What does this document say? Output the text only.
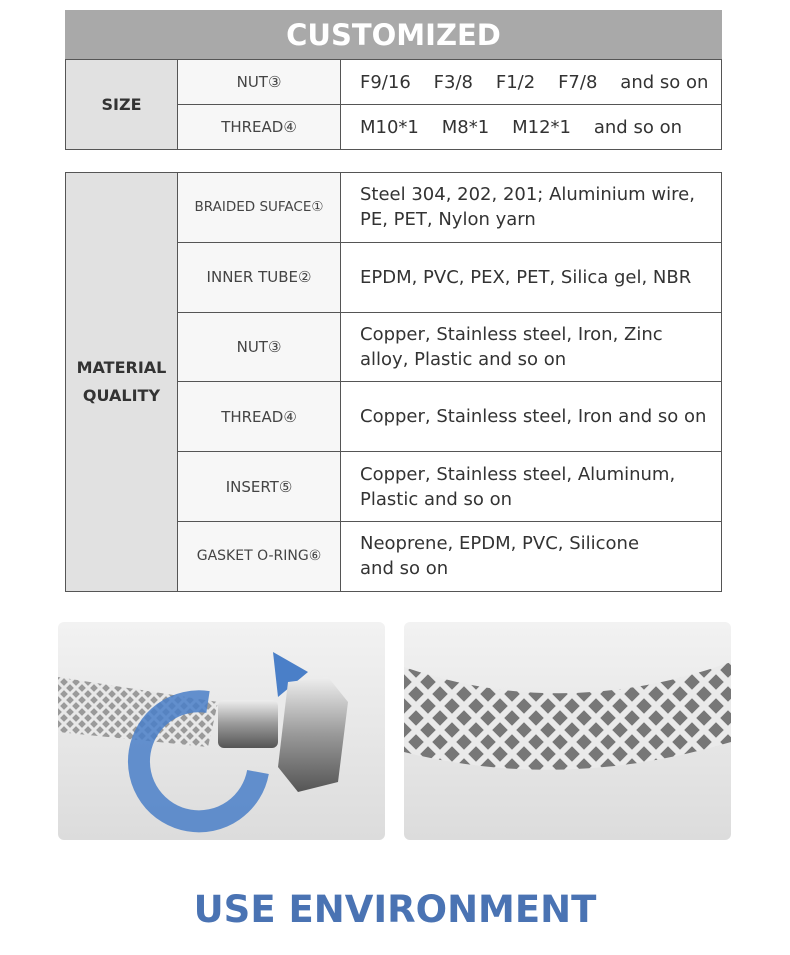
CUSTOMIZED
SIZE	NUT③	F9/16    F3/8    F1/2    F7/8    and so on
	THREAD④	M10*1    M8*1    M12*1    and so on
MATERIAL
QUALITY	BRAIDED SUFACE①	Steel 304, 202, 201; Aluminium wire,
PE, PET, Nylon yarn
	INNER TUBE②	EPDM, PVC, PEX, PET, Silica gel, NBR
	NUT③	Copper, Stainless steel, Iron, Zinc
alloy, Plastic and so on
	THREAD④	Copper, Stainless steel, Iron and so on
	INSERT⑤	Copper, Stainless steel, Aluminum,
Plastic and so on
	GASKET O-RING⑥	Neoprene, EPDM, PVC, Silicone
and so on
USE ENVIRONMENT
